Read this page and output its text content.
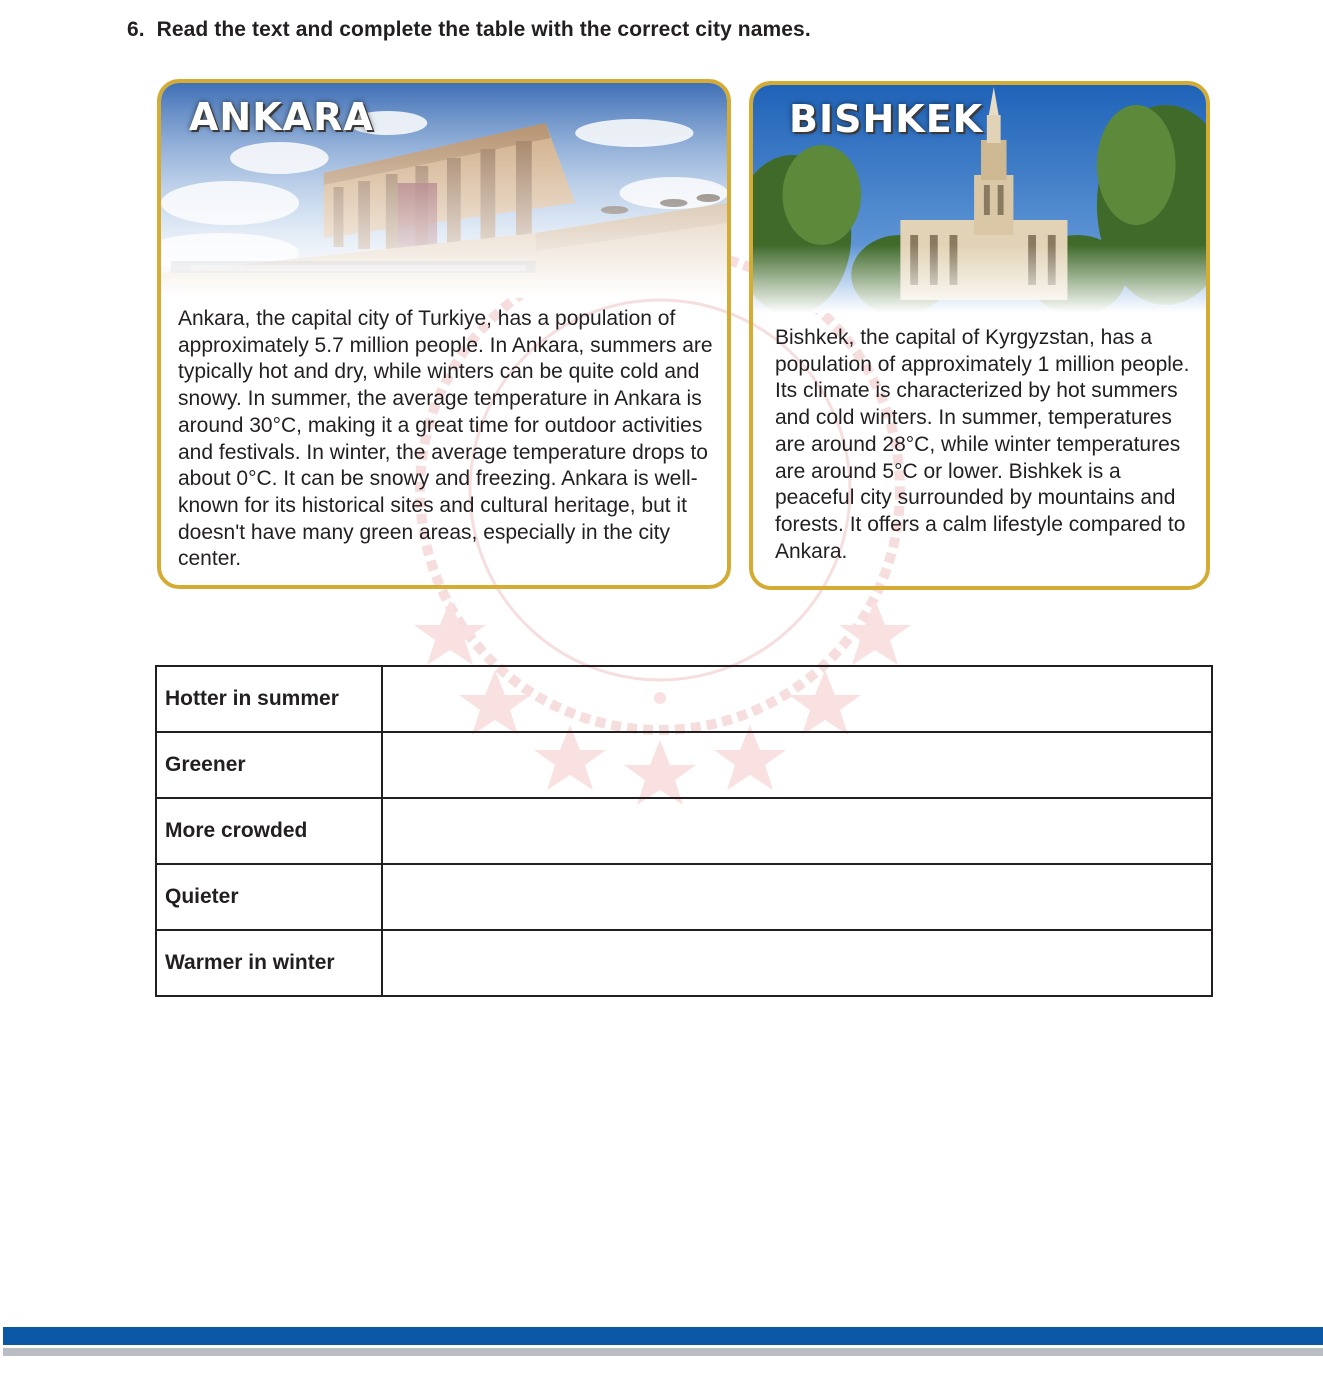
6. Read the text and complete the table with the correct city names.
ANKARA
Ankara, the capital city of Turkiye, has a population of approximately 5.7 million people. In Ankara, summers are typically hot and dry, while winters can be quite cold and snowy. In summer, the average temperature in Ankara is around 30°C, making it a great time for outdoor activities and festivals. In winter, the average temperature drops to about 0°C. It can be snowy and freezing. Ankara is well-known for its historical sites and cultural heritage, but it doesn't have many green areas, especially in the city center.
BISHKEK
Bishkek, the capital of Kyrgyzstan, has a population of approximately 1 million people. Its climate is characterized by hot summers and cold winters. In summer, temperatures are around 28°C, while winter temperatures are around 5°C or lower. Bishkek is a peaceful city surrounded by mountains and forests. It offers a calm lifestyle compared to Ankara.
Hotter in summer	
Greener	
More crowded	
Quieter	
Warmer in winter	
